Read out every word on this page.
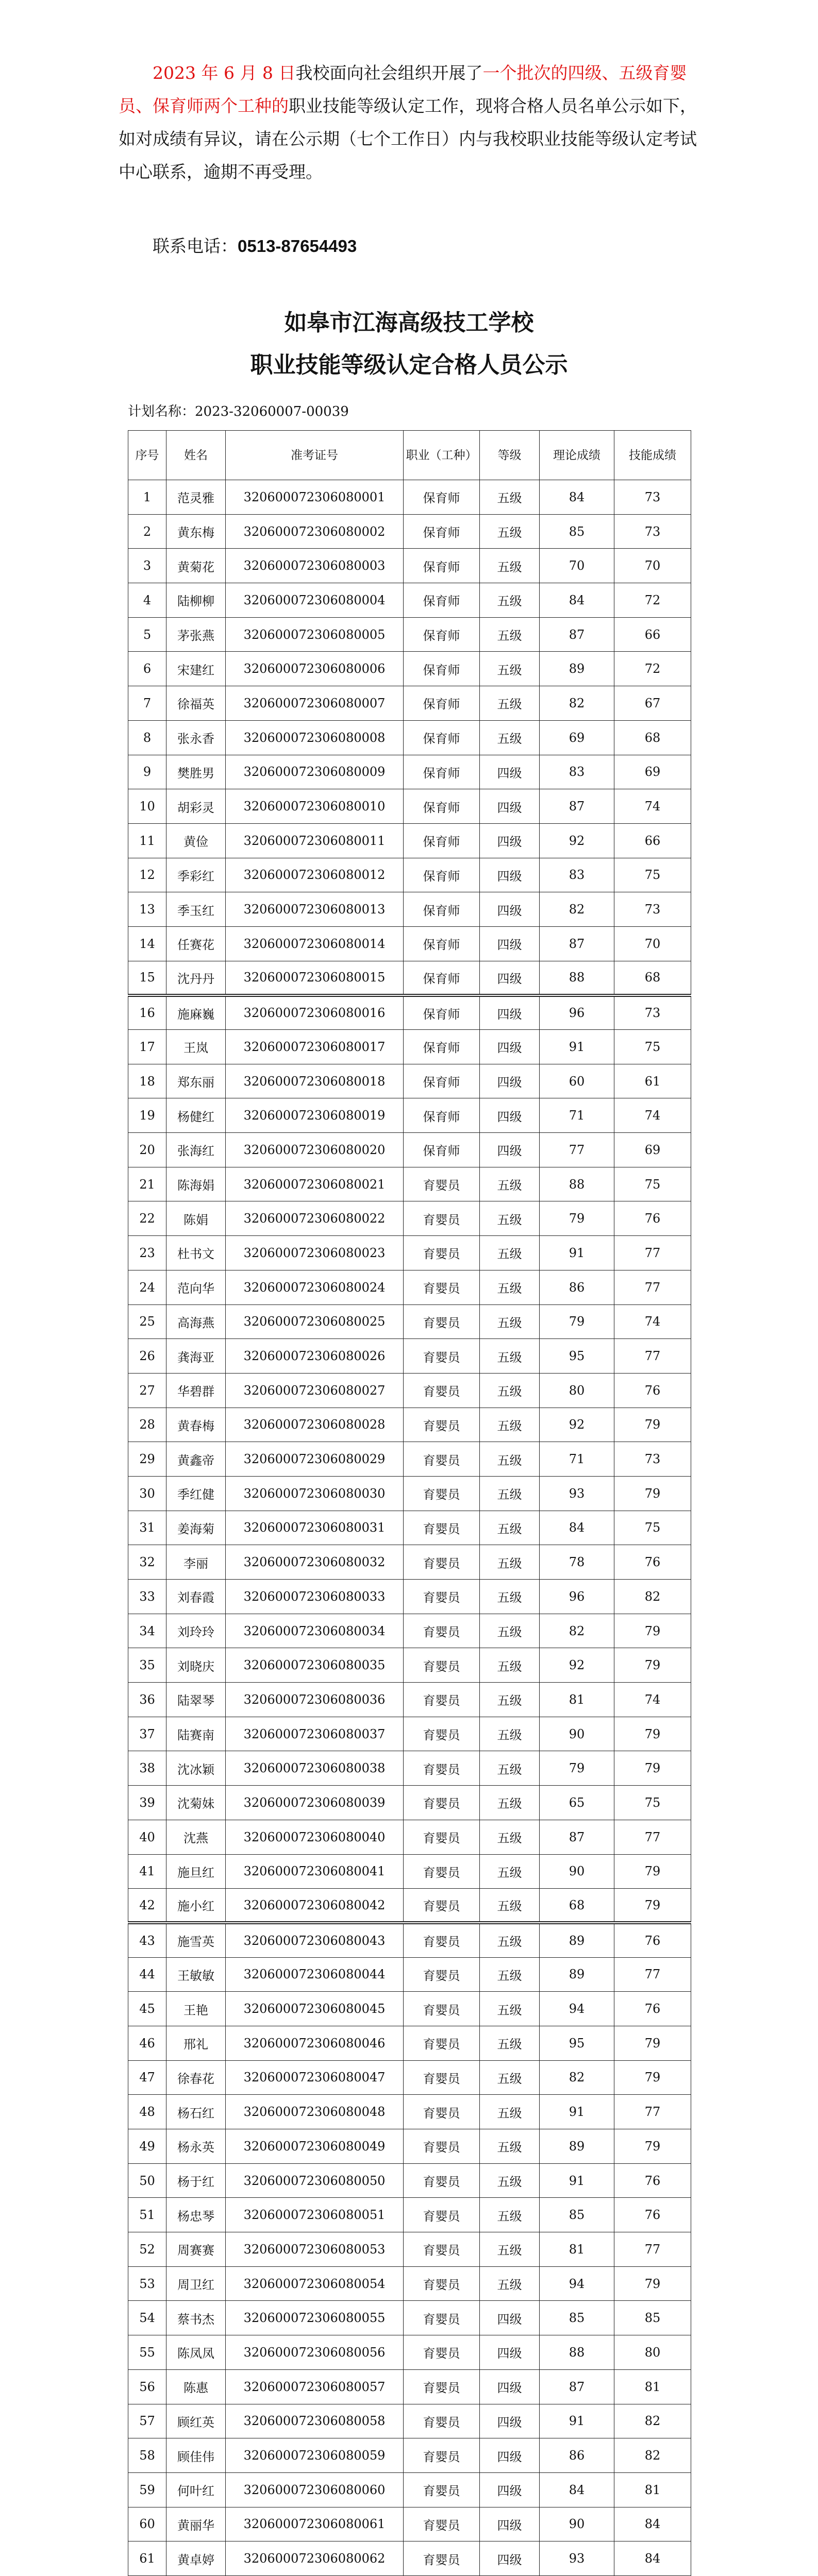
2023 年 6 月 8 日我校面向社会组织开展了一个批次的四级、五级育婴员、保育师两个工种的职业技能等级认定工作，现将合格人员名单公示如下，如对成绩有异议，请在公示期（七个工作日）内与我校职业技能等级认定考试中心联系，逾期不再受理。

联系电话：0513-87654493

如皋市江海高级技工学校
职业技能等级认定合格人员公示

计划名称：2023-32060007-00039

序号	姓名	准考证号	职业（工种）	等级	理论成绩	技能成绩
1	范灵雅	320600072306080001	保育师	五级	84	73
2	黄东梅	320600072306080002	保育师	五级	85	73
3	黄菊花	320600072306080003	保育师	五级	70	70
4	陆柳柳	320600072306080004	保育师	五级	84	72
5	茅张燕	320600072306080005	保育师	五级	87	66
6	宋建红	320600072306080006	保育师	五级	89	72
7	徐福英	320600072306080007	保育师	五级	82	67
8	张永香	320600072306080008	保育师	五级	69	68
9	樊胜男	320600072306080009	保育师	四级	83	69
10	胡彩灵	320600072306080010	保育师	四级	87	74
11	黄俭	320600072306080011	保育师	四级	92	66
12	季彩红	320600072306080012	保育师	四级	83	75
13	季玉红	320600072306080013	保育师	四级	82	73
14	任赛花	320600072306080014	保育师	四级	87	70
15	沈丹丹	320600072306080015	保育师	四级	88	68
16	施麻巍	320600072306080016	保育师	四级	96	73
17	王岚	320600072306080017	保育师	四级	91	75
18	郑东丽	320600072306080018	保育师	四级	60	61
19	杨健红	320600072306080019	保育师	四级	71	74
20	张海红	320600072306080020	保育师	四级	77	69
21	陈海娟	320600072306080021	育婴员	五级	88	75
22	陈娟	320600072306080022	育婴员	五级	79	76
23	杜书文	320600072306080023	育婴员	五级	91	77
24	范向华	320600072306080024	育婴员	五级	86	77
25	高海燕	320600072306080025	育婴员	五级	79	74
26	龚海亚	320600072306080026	育婴员	五级	95	77
27	华碧群	320600072306080027	育婴员	五级	80	76
28	黄春梅	320600072306080028	育婴员	五级	92	79
29	黄鑫帝	320600072306080029	育婴员	五级	71	73
30	季红健	320600072306080030	育婴员	五级	93	79
31	姜海菊	320600072306080031	育婴员	五级	84	75
32	李丽	320600072306080032	育婴员	五级	78	76
33	刘春霞	320600072306080033	育婴员	五级	96	82
34	刘玲玲	320600072306080034	育婴员	五级	82	79
35	刘晓庆	320600072306080035	育婴员	五级	92	79
36	陆翠琴	320600072306080036	育婴员	五级	81	74
37	陆赛南	320600072306080037	育婴员	五级	90	79
38	沈冰颖	320600072306080038	育婴员	五级	79	79
39	沈菊妹	320600072306080039	育婴员	五级	65	75
40	沈燕	320600072306080040	育婴员	五级	87	77
41	施旦红	320600072306080041	育婴员	五级	90	79
42	施小红	320600072306080042	育婴员	五级	68	79
43	施雪英	320600072306080043	育婴员	五级	89	76
44	王敏敏	320600072306080044	育婴员	五级	89	77
45	王艳	320600072306080045	育婴员	五级	94	76
46	邢礼	320600072306080046	育婴员	五级	95	79
47	徐春花	320600072306080047	育婴员	五级	82	79
48	杨石红	320600072306080048	育婴员	五级	91	77
49	杨永英	320600072306080049	育婴员	五级	89	79
50	杨于红	320600072306080050	育婴员	五级	91	76
51	杨忠琴	320600072306080051	育婴员	五级	85	76
52	周赛赛	320600072306080053	育婴员	五级	81	77
53	周卫红	320600072306080054	育婴员	五级	94	79
54	蔡书杰	320600072306080055	育婴员	四级	85	85
55	陈凤凤	320600072306080056	育婴员	四级	88	80
56	陈惠	320600072306080057	育婴员	四级	87	81
57	顾红英	320600072306080058	育婴员	四级	91	82
58	顾佳伟	320600072306080059	育婴员	四级	86	82
59	何叶红	320600072306080060	育婴员	四级	84	81
60	黄丽华	320600072306080061	育婴员	四级	90	84
61	黄卓婷	320600072306080062	育婴员	四级	93	84
